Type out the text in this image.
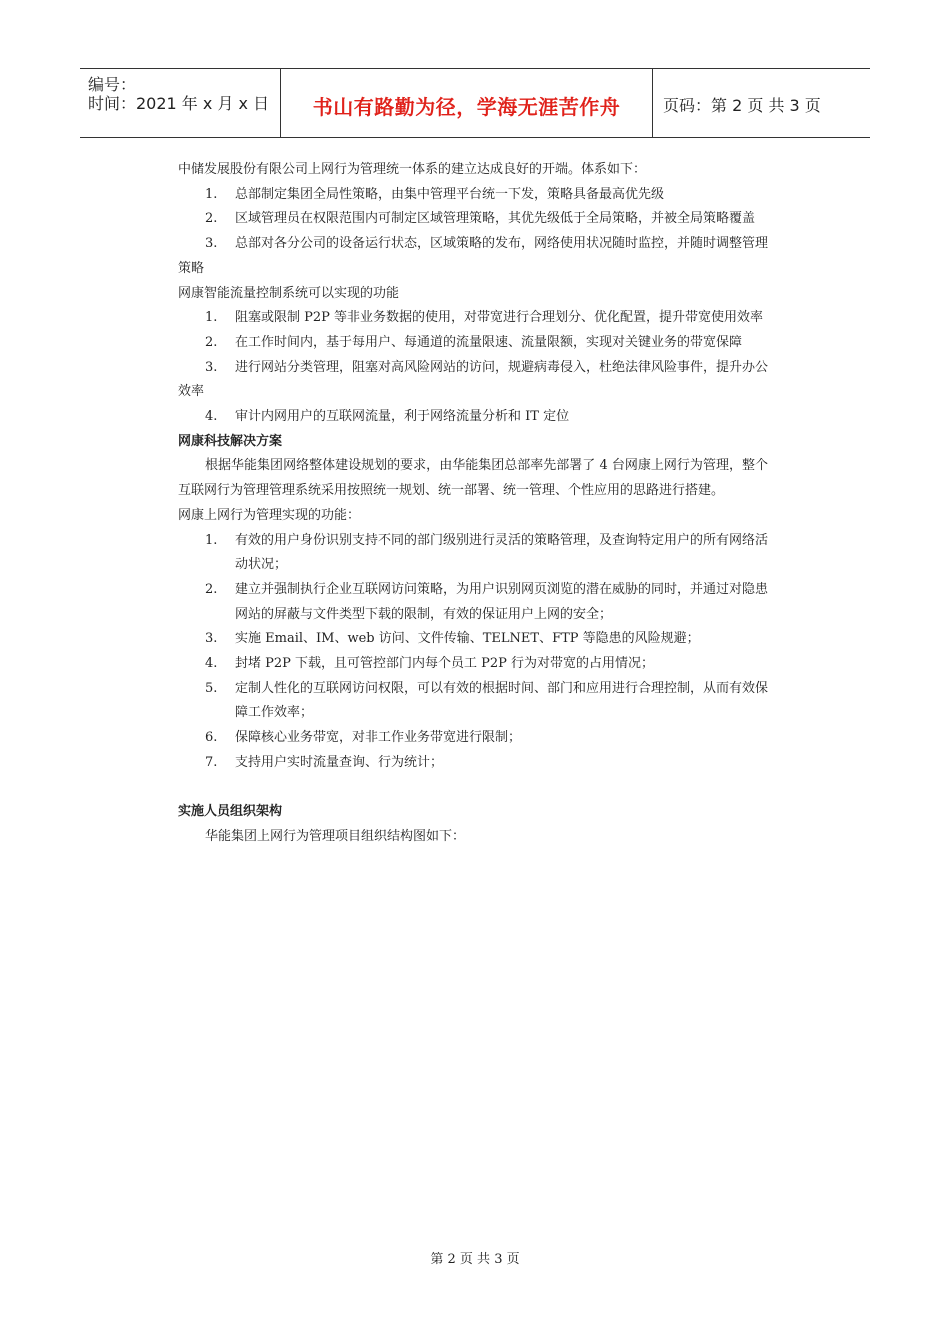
编号：
时间：2021 年 x 月 x 日	书山有路勤为径，学海无涯苦作舟	页码：第 2 页 共 3 页
中储发展股份有限公司上网行为管理统一体系的建立达成良好的开端。体系如下：
1. 总部制定集团全局性策略，由集中管理平台统一下发，策略具备最高优先级
2. 区域管理员在权限范围内可制定区域管理策略，其优先级低于全局策略，并被全局策略覆盖
3. 总部对各分公司的设备运行状态，区域策略的发布，网络使用状况随时监控，并随时调整管理策略
网康智能流量控制系统可以实现的功能
1. 阻塞或限制 P2P 等非业务数据的使用，对带宽进行合理划分、优化配置，提升带宽使用效率
2. 在工作时间内，基于每用户、每通道的流量限速、流量限额，实现对关键业务的带宽保障
3. 进行网站分类管理，阻塞对高风险网站的访问，规避病毒侵入，杜绝法律风险事件，提升办公效率
4. 审计内网用户的互联网流量，利于网络流量分析和 IT 定位
网康科技解决方案
根据华能集团网络整体建设规划的要求，由华能集团总部率先部署了 4 台网康上网行为管理，整个互联网行为管理管理系统采用按照统一规划、统一部署、统一管理、个性应用的思路进行搭建。
网康上网行为管理实现的功能：
1. 有效的用户身份识别支持不同的部门级别进行灵活的策略管理，及查询特定用户的所有网络活动状况；
2. 建立并强制执行企业互联网访问策略，为用户识别网页浏览的潜在威胁的同时，并通过对隐患网站的屏蔽与文件类型下载的限制，有效的保证用户上网的安全；
3. 实施 Email、IM、web 访问、文件传输、TELNET、FTP 等隐患的风险规避；
4. 封堵 P2P 下载，且可管控部门内每个员工 P2P 行为对带宽的占用情况；
5. 定制人性化的互联网访问权限，可以有效的根据时间、部门和应用进行合理控制，从而有效保障工作效率；
6. 保障核心业务带宽，对非工作业务带宽进行限制；
7. 支持用户实时流量查询、行为统计；
实施人员组织架构
华能集团上网行为管理项目组织结构图如下：
第 2 页 共 3 页
